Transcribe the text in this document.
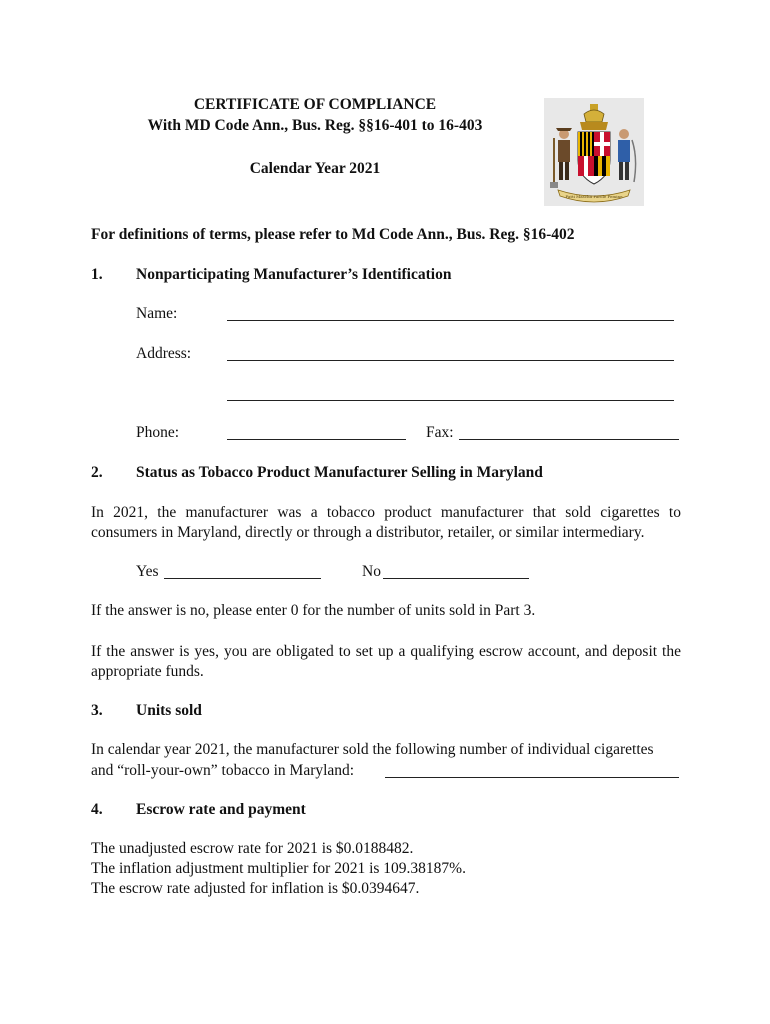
CERTIFICATE OF COMPLIANCE
With MD Code Ann., Bus. Reg. §§16-401 to 16-403
Calendar Year 2021
Fatti Maschii Parole Femine
For definitions of terms, please refer to Md Code Ann., Bus. Reg. §16-402
1. Nonparticipating Manufacturer’s Identification
Name:
Address:
Phone:	Fax:
2. Status as Tobacco Product Manufacturer Selling in Maryland
In 2021, the manufacturer was a tobacco product manufacturer that sold cigarettes to consumers in Maryland, directly or through a distributor, retailer, or similar intermediary.
Yes	No
If the answer is no, please enter 0 for the number of units sold in Part 3.
If the answer is yes, you are obligated to set up a qualifying escrow account, and deposit the appropriate funds.
3. Units sold
In calendar year 2021, the manufacturer sold the following number of individual cigarettes
and “roll-your-own” tobacco in Maryland:
4. Escrow rate and payment
The unadjusted escrow rate for 2021 is $0.0188482.
The inflation adjustment multiplier for 2021 is 109.38187%.
The escrow rate adjusted for inflation is $0.0394647.
